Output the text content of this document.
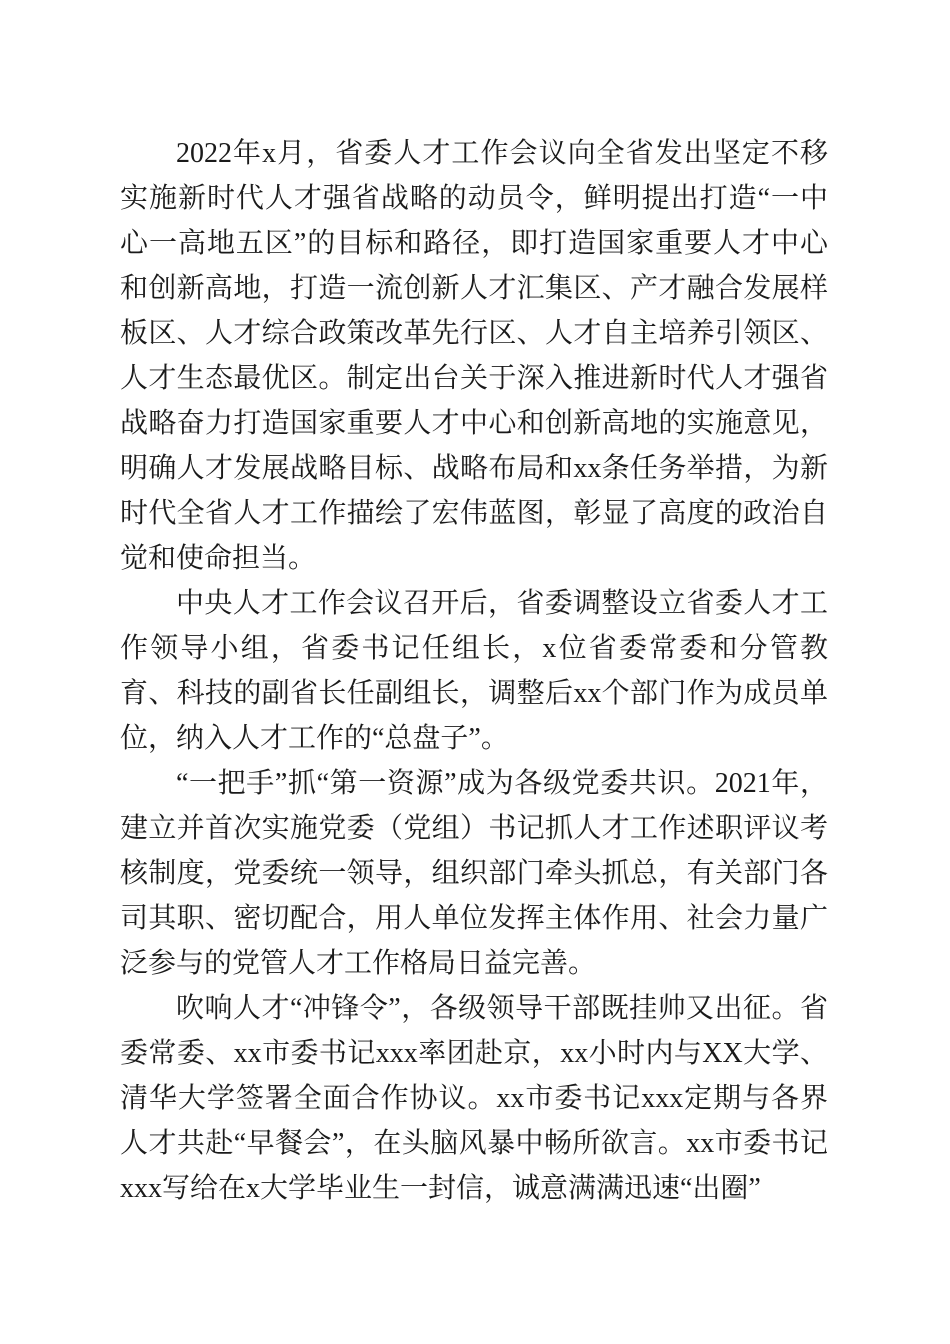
2022年x月，省委人才工作会议向全省发出坚定不移实施新时代人才强省战略的动员令，鲜明提出打造“一中心一高地五区”的目标和路径，即打造国家重要人才中心和创新高地，打造一流创新人才汇集区、产才融合发展样板区、人才综合政策改革先行区、人才自主培养引领区、人才生态最优区。制定出台关于深入推进新时代人才强省战略奋力打造国家重要人才中心和创新高地的实施意见，明确人才发展战略目标、战略布局和xx条任务举措，为新时代全省人才工作描绘了宏伟蓝图，彰显了高度的政治自觉和使命担当。

中央人才工作会议召开后，省委调整设立省委人才工作领导小组，省委书记任组长，x位省委常委和分管教育、科技的副省长任副组长，调整后xx个部门作为成员单位，纳入人才工作的“总盘子”。

“一把手”抓“第一资源”成为各级党委共识。2021年，建立并首次实施党委（党组）书记抓人才工作述职评议考核制度，党委统一领导，组织部门牵头抓总，有关部门各司其职、密切配合，用人单位发挥主体作用、社会力量广泛参与的党管人才工作格局日益完善。

吹响人才“冲锋令”，各级领导干部既挂帅又出征。省委常委、xx市委书记xxx率团赴京，xx小时内与XX大学、清华大学签署全面合作协议。xx市委书记xxx定期与各界人才共赴“早餐会”，在头脑风暴中畅所欲言。xx市委书记xxx写给在x大学毕业生一封信，诚意满满迅速“出圈”
